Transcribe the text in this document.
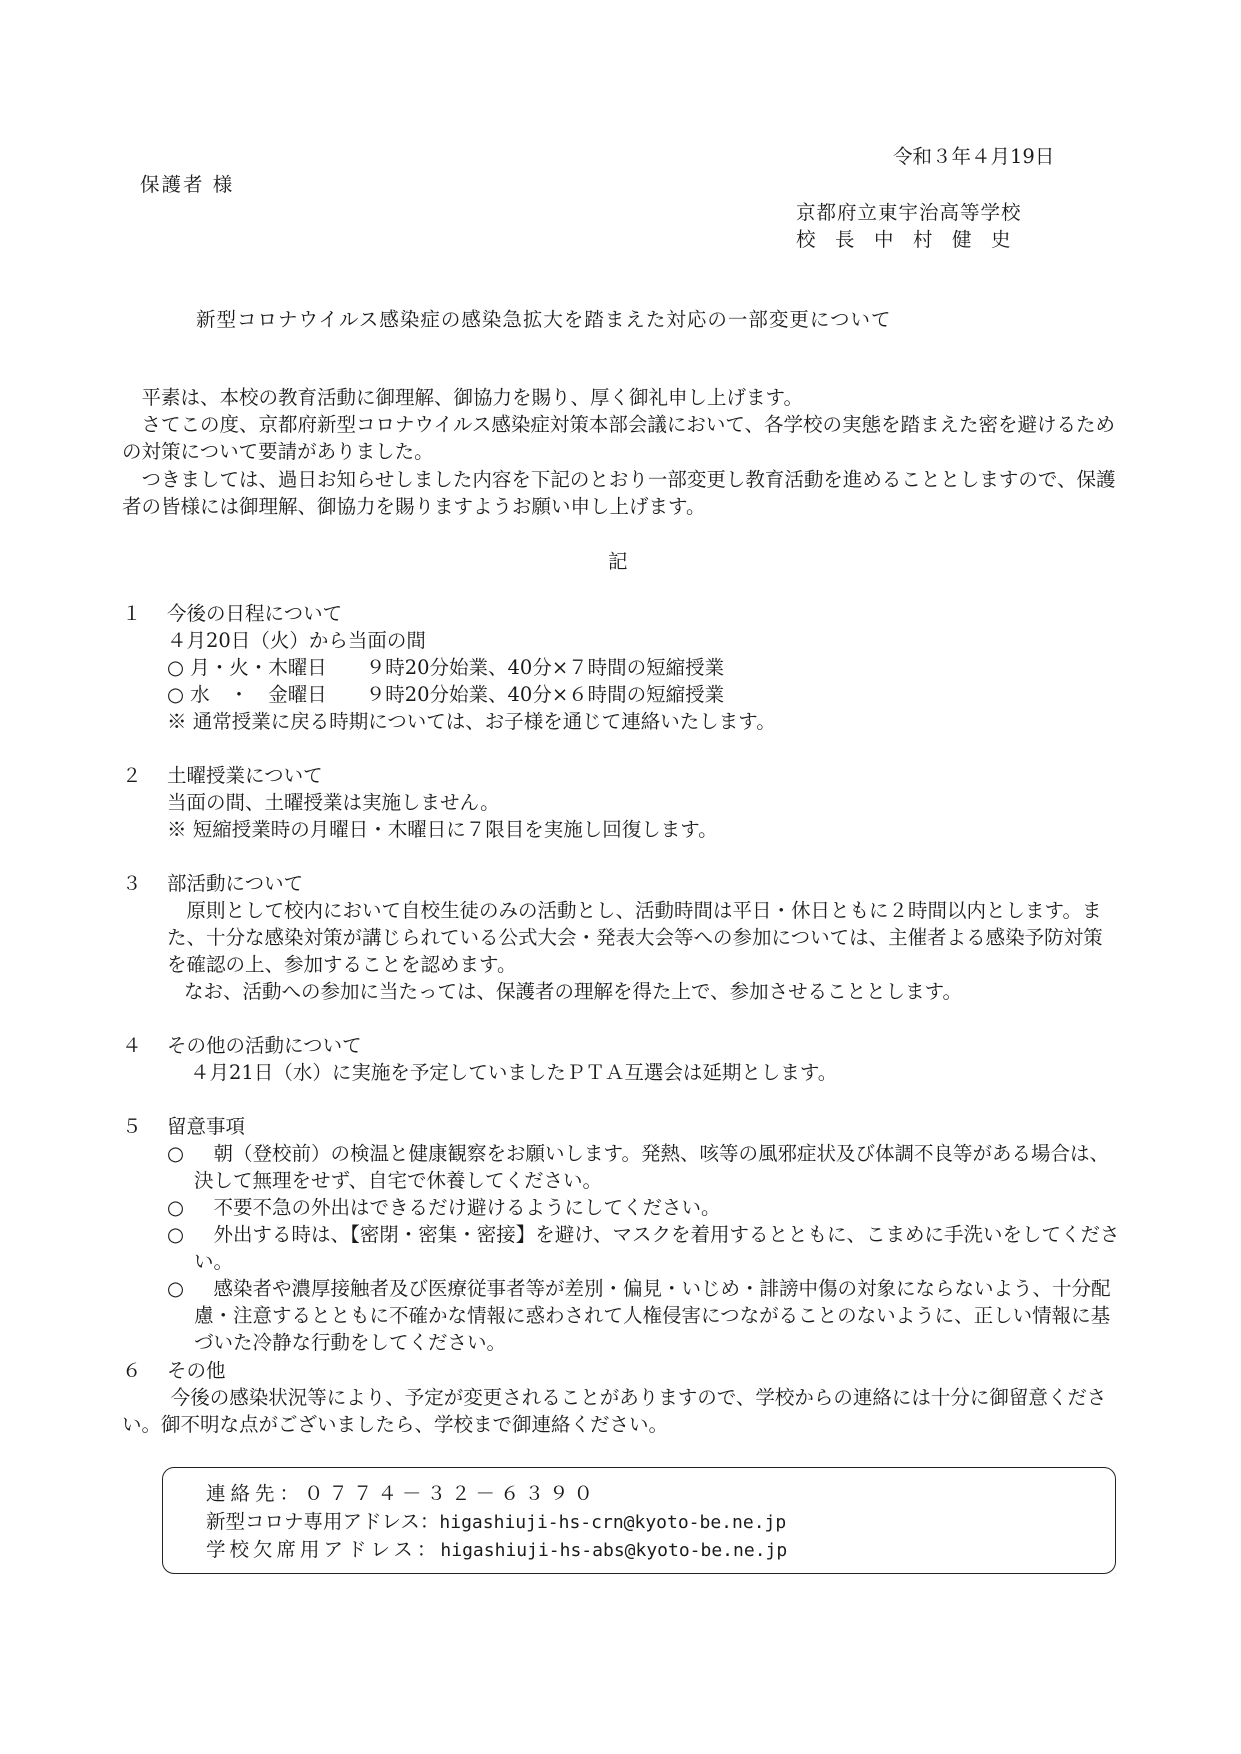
令和３年４月19日
保護者 様
京都府立東宇治高等学校
校　長　中　村　健　史
新型コロナウイルス感染症の感染急拡大を踏まえた対応の一部変更について
平素は、本校の教育活動に御理解、御協力を賜り、厚く御礼申し上げます。
さてこの度、京都府新型コロナウイルス感染症対策本部会議において、各学校の実態を踏まえた密を避けるための対策について要請がありました。
つきましては、過日お知らせしました内容を下記のとおり一部変更し教育活動を進めることとしますので、保護者の皆様には御理解、御協力を賜りますようお願い申し上げます。
記
１ 今後の日程について
４月20日（火）から当面の間
○ 月・火・木曜日　　９時20分始業、40分×７時間の短縮授業
○ 水　・　金曜日　　９時20分始業、40分×６時間の短縮授業
※ 通常授業に戻る時期については、お子様を通じて連絡いたします。
２ 土曜授業について
当面の間、土曜授業は実施しません。
※ 短縮授業時の月曜日・木曜日に７限目を実施し回復します。
３ 部活動について
原則として校内において自校生徒のみの活動とし、活動時間は平日・休日ともに２時間以内とします。また、十分な感染対策が講じられている公式大会・発表大会等への参加については、主催者よる感染予防対策を確認の上、参加することを認めます。
なお、活動への参加に当たっては、保護者の理解を得た上で、参加させることとします。
４ その他の活動について
４月21日（水）に実施を予定していましたＰＴＡ互選会は延期とします。
５ 留意事項
○	朝（登校前）の検温と健康観察をお願いします。発熱、咳等の風邪症状及び体調不良等がある場合は、決して無理をせず、自宅で休養してください。
○	不要不急の外出はできるだけ避けるようにしてください。
○	外出する時は、【密閉・密集・密接】を避け、マスクを着用するとともに、こまめに手洗いをしてください。
○	感染者や濃厚接触者及び医療従事者等が差別・偏見・いじめ・誹謗中傷の対象にならないよう、十分配慮・注意するとともに不確かな情報に惑わされて人権侵害につながることのないように、正しい情報に基づいた冷静な行動をしてください。
６ その他
今後の感染状況等により、予定が変更されることがありますので、学校からの連絡には十分に御留意ください。御不明な点がございましたら、学校まで御連絡ください。
連絡先：０７７４－３２－６３９０
新型コロナ専用アドレス：higashiuji-hs-crn@kyoto-be.ne.jp
学校欠席用アドレス：higashiuji-hs-abs@kyoto-be.ne.jp
